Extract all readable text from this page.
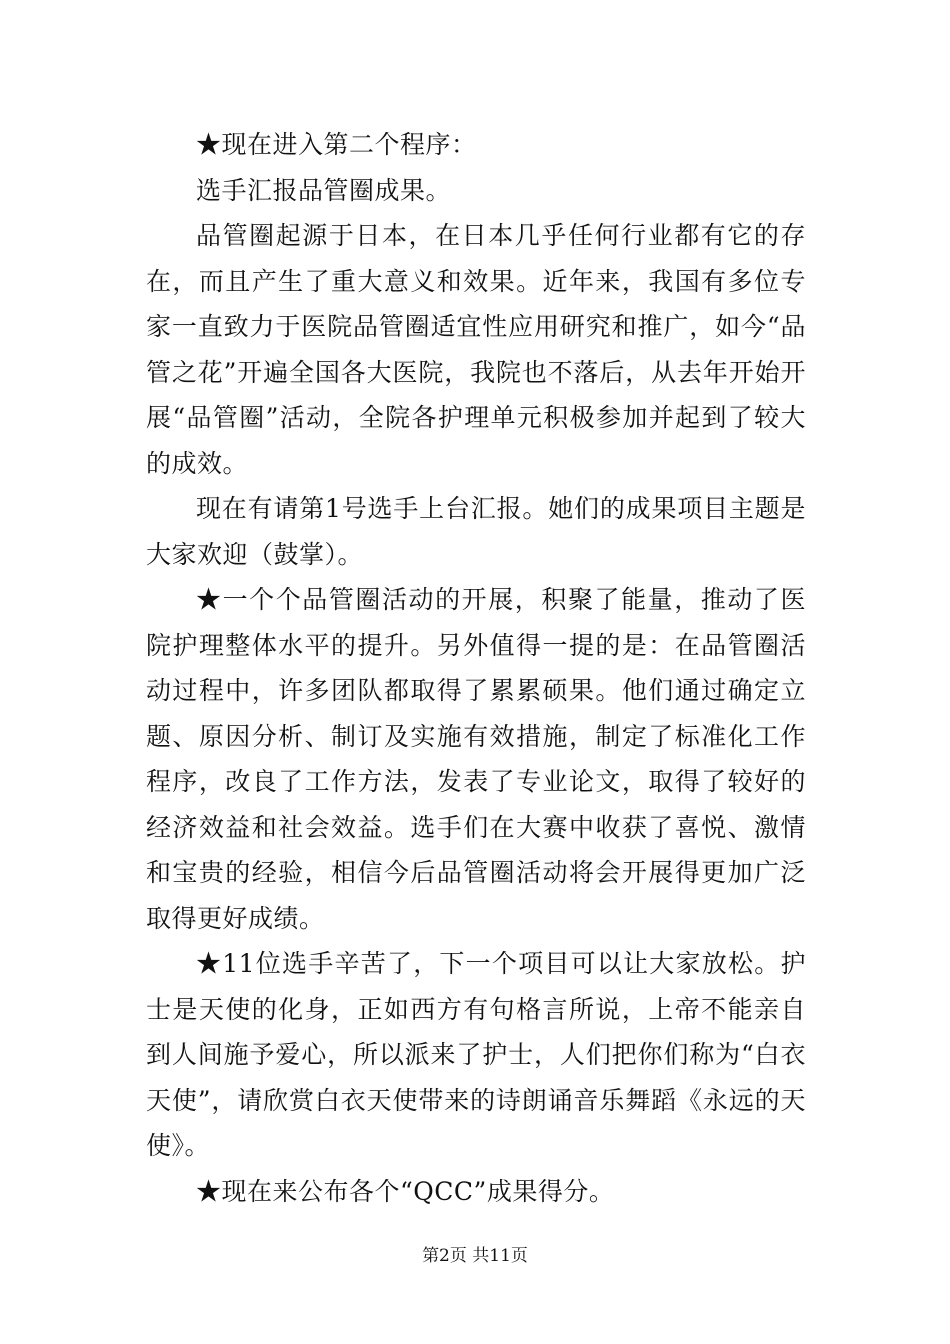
★现在进入第二个程序：

选手汇报品管圈成果。

品管圈起源于日本，在日本几乎任何行业都有它的存在，而且产生了重大意义和效果。近年来，我国有多位专家一直致力于医院品管圈适宜性应用研究和推广，如今“品管之花”开遍全国各大医院，我院也不落后，从去年开始开展“品管圈”活动，全院各护理单元积极参加并起到了较大的成效。

现在有请第1号选手上台汇报。她们的成果项目主题是大家欢迎（鼓掌）。

★一个个品管圈活动的开展，积聚了能量，推动了医院护理整体水平的提升。另外值得一提的是：在品管圈活动过程中，许多团队都取得了累累硕果。他们通过确定立题、原因分析、制订及实施有效措施，制定了标准化工作程序，改良了工作方法，发表了专业论文，取得了较好的经济效益和社会效益。选手们在大赛中收获了喜悦、激情和宝贵的经验，相信今后品管圈活动将会开展得更加广泛取得更好成绩。

★11位选手辛苦了，下一个项目可以让大家放松。护士是天使的化身，正如西方有句格言所说，上帝不能亲自到人间施予爱心，所以派来了护士，人们把你们称为“白衣天使”，请欣赏白衣天使带来的诗朗诵音乐舞蹈《永远的天使》。

★现在来公布各个“QCC”成果得分。

第2页 共11页
